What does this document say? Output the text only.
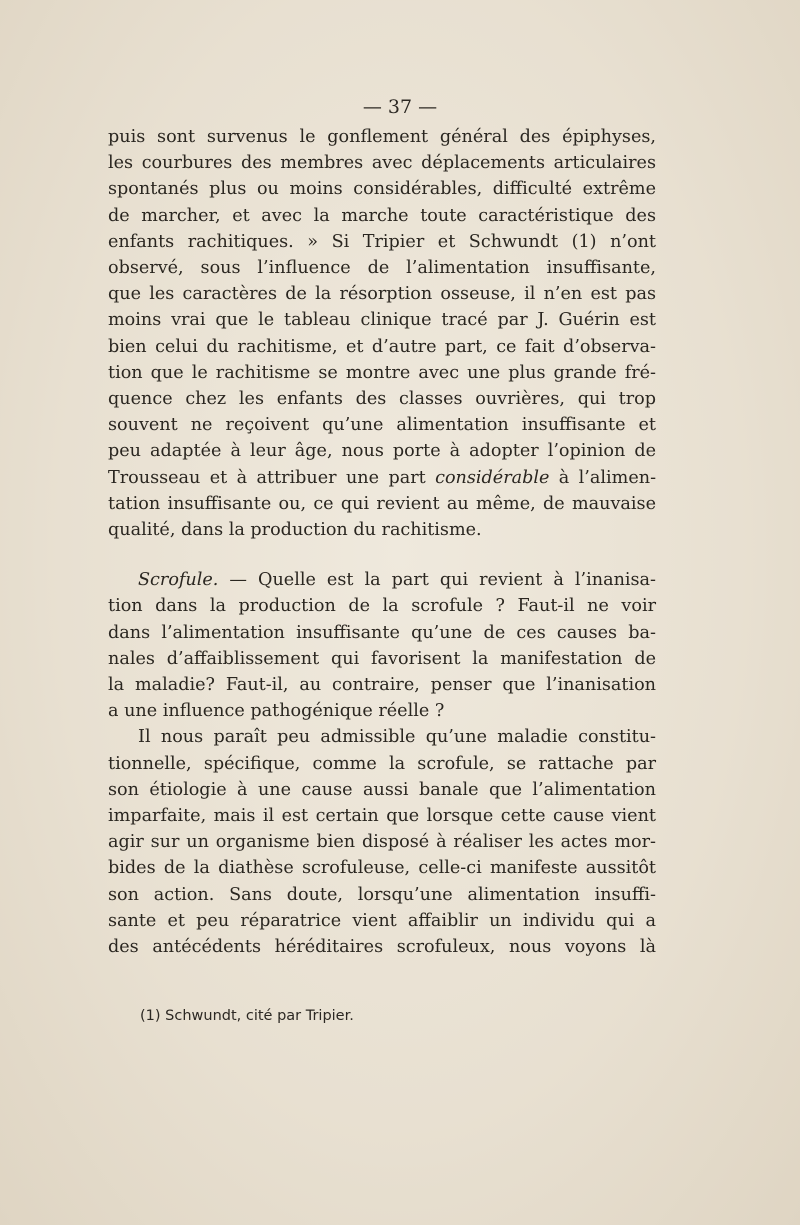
— 37 —
puis sont survenus le gonflement général des épiphyses,
les courbures des membres avec déplacements articulaires
spontanés plus ou moins considérables, difficulté extrême
de marcher, et avec la marche toute caractéristique des
enfants rachitiques. » Si Tripier et Schwundt (1) n’ont
observé, sous l’influence de l’alimentation insuffisante,
que les caractères de la résorption osseuse, il n’en est pas
moins vrai que le tableau clinique tracé par J. Guérin est
bien celui du rachitisme, et d’autre part, ce fait d’observa-
tion que le rachitisme se montre avec une plus grande fré-
quence chez les enfants des classes ouvrières, qui trop
souvent ne reçoivent qu’une alimentation insuffisante et
peu adaptée à leur âge, nous porte à adopter l’opinion de
Trousseau et à attribuer une part considérable à l’alimen-
tation insuffisante ou, ce qui revient au même, de mauvaise
qualité, dans la production du rachitisme.
Scrofule. — Quelle est la part qui revient à l’inanisa-
tion dans la production de la scrofule ? Faut-il ne voir
dans l’alimentation insuffisante qu’une de ces causes ba-
nales d’affaiblissement qui favorisent la manifestation de
la maladie? Faut-il, au contraire, penser que l’inanisation
a une influence pathogénique réelle ?
Il nous paraît peu admissible qu’une maladie constitu-
tionnelle, spécifique, comme la scrofule, se rattache par
son étiologie à une cause aussi banale que l’alimentation
imparfaite, mais il est certain que lorsque cette cause vient
agir sur un organisme bien disposé à réaliser les actes mor-
bides de la diathèse scrofuleuse, celle-ci manifeste aussitôt
son action. Sans doute, lorsqu’une alimentation insuffi-
sante et peu réparatrice vient affaiblir un individu qui a
des antécédents héréditaires scrofuleux, nous voyons là
(1) Schwundt, cité par Tripier.
